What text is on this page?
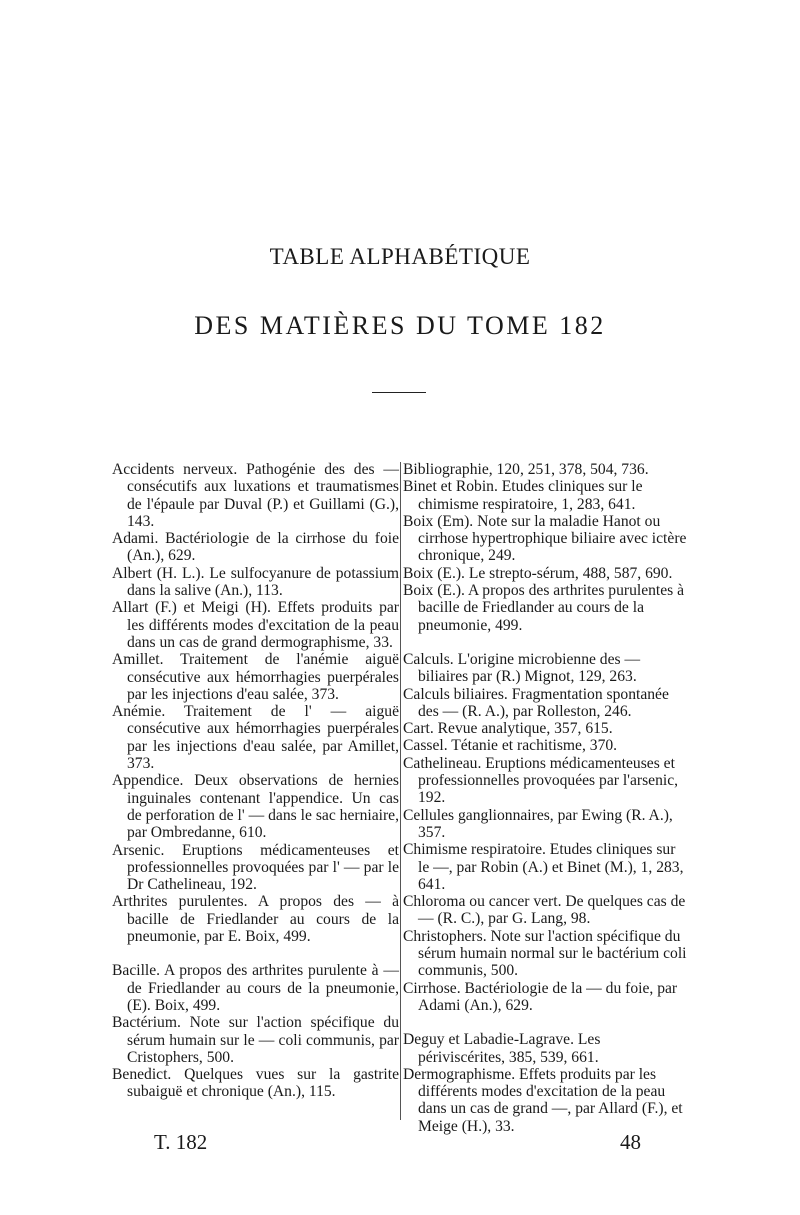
TABLE ALPHABÉTIQUE
DES MATIÈRES DU TOME 182

Accidents nerveux. Pathogénie des des — consécutifs aux luxations et traumatismes de l'épaule par Duval (P.) et Guillami (G.), 143.

Adami. Bactériologie de la cirrhose du foie (An.), 629.

Albert (H. L.). Le sulfocyanure de potassium dans la salive (An.), 113.

Allart (F.) et Meigi (H). Effets produits par les différents modes d'excitation de la peau dans un cas de grand dermographisme, 33.

Amillet. Traitement de l'anémie aiguë consécutive aux hémorrhagies puerpérales par les injections d'eau salée, 373.

Anémie. Traitement de l' — aiguë consécutive aux hémorrhagies puerpérales par les injections d'eau salée, par Amillet, 373.

Appendice. Deux observations de hernies inguinales contenant l'appendice. Un cas de perforation de l' — dans le sac herniaire, par Ombredanne, 610.

Arsenic. Eruptions médicamenteuses et professionnelles provoquées par l' — par le Dr Cathelineau, 192.

Arthrites purulentes. A propos des — à bacille de Friedlander au cours de la pneumonie, par E. Boix, 499.

Bacille. A propos des arthrites purulente à — de Friedlander au cours de la pneumonie, (E). Boix, 499.

Bactérium. Note sur l'action spécifique du sérum humain sur le — coli communis, par Cristophers, 500.

Benedict. Quelques vues sur la gastrite subaiguë et chronique (An.), 115.

Bibliographie, 120, 251, 378, 504, 736.

Binet et Robin. Etudes cliniques sur le chimisme respiratoire, 1, 283, 641.

Boix (Em). Note sur la maladie Hanot ou cirrhose hypertrophique biliaire avec ictère chronique, 249.

Boix (E.). Le strepto-sérum, 488, 587, 690.

Boix (E.). A propos des arthrites purulentes à bacille de Friedlander au cours de la pneumonie, 499.

Calculs. L'origine microbienne des — biliaires par (R.) Mignot, 129, 263.

Calculs biliaires. Fragmentation spontanée des — (R. A.), par Rolleston, 246.

Cart. Revue analytique, 357, 615.

Cassel. Tétanie et rachitisme, 370.

Cathelineau. Eruptions médicamenteuses et professionnelles provoquées par l'arsenic, 192.

Cellules ganglionnaires, par Ewing (R. A.), 357.

Chimisme respiratoire. Etudes cliniques sur le —, par Robin (A.) et Binet (M.), 1, 283, 641.

Chloroma ou cancer vert. De quelques cas de — (R. C.), par G. Lang, 98.

Christophers. Note sur l'action spécifique du sérum humain normal sur le bactérium coli communis, 500.

Cirrhose. Bactériologie de la — du foie, par Adami (An.), 629.

Deguy et Labadie-Lagrave. Les périviscérites, 385, 539, 661.

Dermographisme. Effets produits par les différents modes d'excitation de la peau dans un cas de grand —, par Allard (F.), et Meige (H.), 33.

T. 182	48
